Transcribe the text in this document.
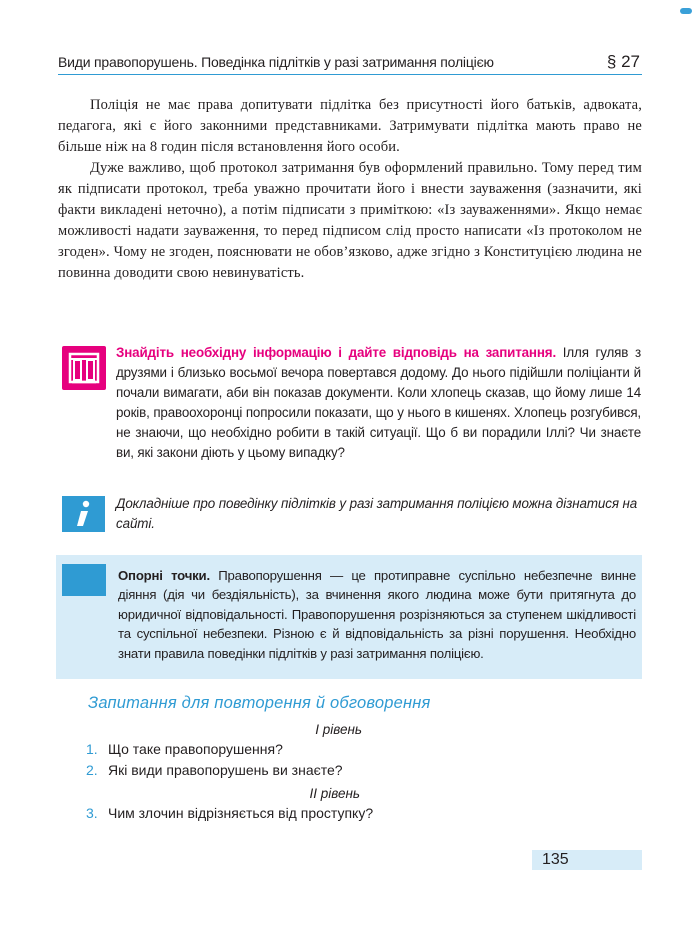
Види правопорушень. Поведінка підлітків у разі затримання поліцією	§ 27

Поліція не має права допитувати підлітка без присутності його батьків, адвоката, педагога, які є його законними представниками. Затримувати підлітка мають право не більше ніж на 8 годин після встановлення його особи.

Дуже важливо, щоб протокол затримання був оформлений правильно. Тому перед тим як підписати протокол, треба уважно прочитати його і внести зауваження (зазначити, які факти викладені неточно), а потім підписати з приміткою: «Із зауваженнями». Якщо немає можливості надати зауваження, то перед підписом слід просто написати «Із протоколом не згоден». Чому не згоден, пояснювати не обов’язково, адже згідно з Конституцією людина не повинна доводити свою невинуватість.

Знайдіть необхідну інформацію і дайте відповідь на запитання. Ілля гуляв з друзями і близько восьмої вечора повертався додому. До нього підійшли поліціанти й почали вимагати, аби він показав документи. Коли хлопець сказав, що йому лише 14 років, правоохоронці попросили показати, що у нього в кишенях. Хлопець розгубився, не знаючи, що необхідно робити в такій ситуації. Що б ви порадили Іллі? Чи знаєте ви, які закони діють у цьому випадку?
Докладніше про поведінку підлітків у разі затримання поліцією можна дізнатися на сайті.
Опорні точки. Правопорушення — це протиправне суспільно небезпечне винне діяння (дія чи бездіяльність), за вчинення якого людина може бути притягнута до юридичної відповідальності. Правопорушення розрізняються за ступенем шкідливості та суспільної небезпеки. Різною є й відповідальність за різні порушення. Необхідно знати правила поведінки підлітків у разі затримання поліцією.
Запитання для повторення й обговорення
І рівень
1. Що таке правопорушення?
2. Які види правопорушень ви знаєте?
ІІ рівень
3. Чим злочин відрізняється від проступку?
135
